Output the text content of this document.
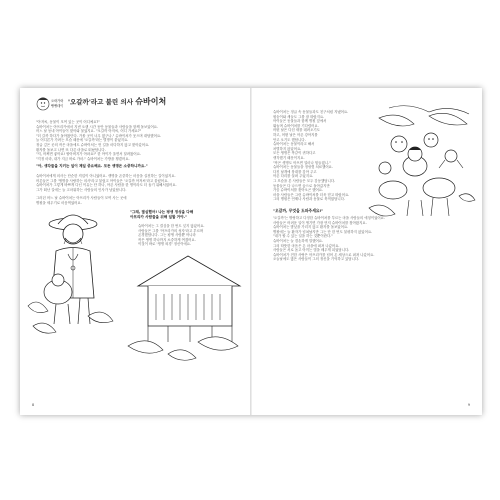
오락가락
빵빵데이 '오갈까'라고 불린 의사 슈바이처
"아저씨, 동물이 모여 있는 곳이 어디예요?"
슈바이처는 아프리카에서 지낸 오랜 시간 동안 동물들과 사람들을 함께 돌보았어요.
어느 날 동네 아이들이 찾아와 물었지요. "오갈까 아저씨, 어디 가세요?"
"더 갈까 하다가 돌아왔단다. 가볼 곳이 너무 많구나." 슈바이처가 웃으며 대답했어요.
늘 어디론가 가려는 모습 때문에 '오갈까'라는 별명이 붙었지요.
정글 깊은 곳의 작은 마을에도 슈바이처는 먼 길을 마다하지 않고 찾아갔어요.
환자를 돌보고 나면 또 다른 마을로 떠났답니다.
"저, 어쩌면 좋아요! 할아버지가 아파요!" 한 아이가 울면서 달려왔어요.
"걱정 마라, 내가 지금 바로 가마." 슈바이처는 가방을 챙겼어요.
"아, 생각들을 지키는 일이 제일 중요해요. 모든 생명은 소중하니까요."
슈바이처에게 의사는 단순한 직업이 아니었어요. 생명을 존중하는 마음을 실천하는 길이었지요.
어른들은 그를 '생명을 사랑하는 의사'라고 불렀고 아이들은 '오갈까 아저씨'라고 불렀어요.
슈바이처가 그렇게 바쁘게 다닌 이유는 단 하나, 아픈 사람을 한 명이라도 더 돕기 위해서였어요.
그가 떠난 길에는 늘 고마워하는 사람들의 인사가 남았답니다.
그러던 어느 날 슈바이처는 아프리카 사람들이 모여 사는 곳에
병원을 세우기로 마음먹었어요.
"그래, 결심했어! 나는 평생 정성을 다해
아프리카 사람들을 위해 일할 거야."
슈바이처는 그 결심을 한 번도 잊지 않았어요.
사람들은 그를 '아프리카의 성자'라고 부르며
존경했답니다. 그는 평생 사람뿐 아니라
작은 생명 하나까지 소중하게 여겼어요.
이것이 바로 '생명 외경' 정신이에요.
8
슈바이처는 정글 속 동물들과도 친구처럼 지냈어요.
원숭이와 새들도 그를 잘 따랐지요.
아이들은 동물들과 함께 병원 앞에서
뛰놀며 슈바이처를 기다렸어요.
어떤 날은 다친 새를 데려오기도
하고, 어떤 날은 아픈 강아지를
안고 오기도 했답니다.
슈바이처는 동물이라고 해서
차별하지 않았어요.
모든 생명은 똑같이 귀하다고
생각했기 때문이지요.
"작은 생명도 아프면 얼마나 힘들겠니."
슈바이처는 동물들을 정성껏 치료했어요.
다친 날개에 붕대를 감아 주고
아픈 다리를 살펴 주었지요.
그 모습을 본 사람들은 모두 감동했답니다.
동물들은 다 나으면 숲으로 돌아갔지만
가끔 슈바이처를 찾아오곤 했어요.
마을 사람들은 그런 슈바이처를 더욱 믿고 따랐어요.
그의 병원은 언제나 사람과 동물로 북적였답니다.
"오갈까, 무엇을 도와주세요!"
'오갈까'는 명랑하고 다정한 슈바이처를 부르는 마을 사람들의 애칭이었어요.
사람들은 어려운 일이 생기면 가장 먼저 슈바이처를 찾아왔지요.
슈바이처는 밤낮을 가리지 않고 환자를 돌보았어요.
병원에는 늘 환자가 넘쳐났지만 그는 단 한 번도 불평하지 않았어요.
"내가 할 수 있는 일을 하는 것뿐이란다."
슈바이처는 늘 겸손하게 말했어요.
그의 따뜻한 마음은 온 마을에 퍼져 나갔어요.
사람들은 서로 돕고 아끼는 법을 배우게 되었답니다.
슈바이처가 전한 사랑은 아프리카를 넘어 온 세상으로 퍼져 나갔어요.
오늘날에도 많은 사람들이 그의 정신을 기억하고 있답니다.
9
